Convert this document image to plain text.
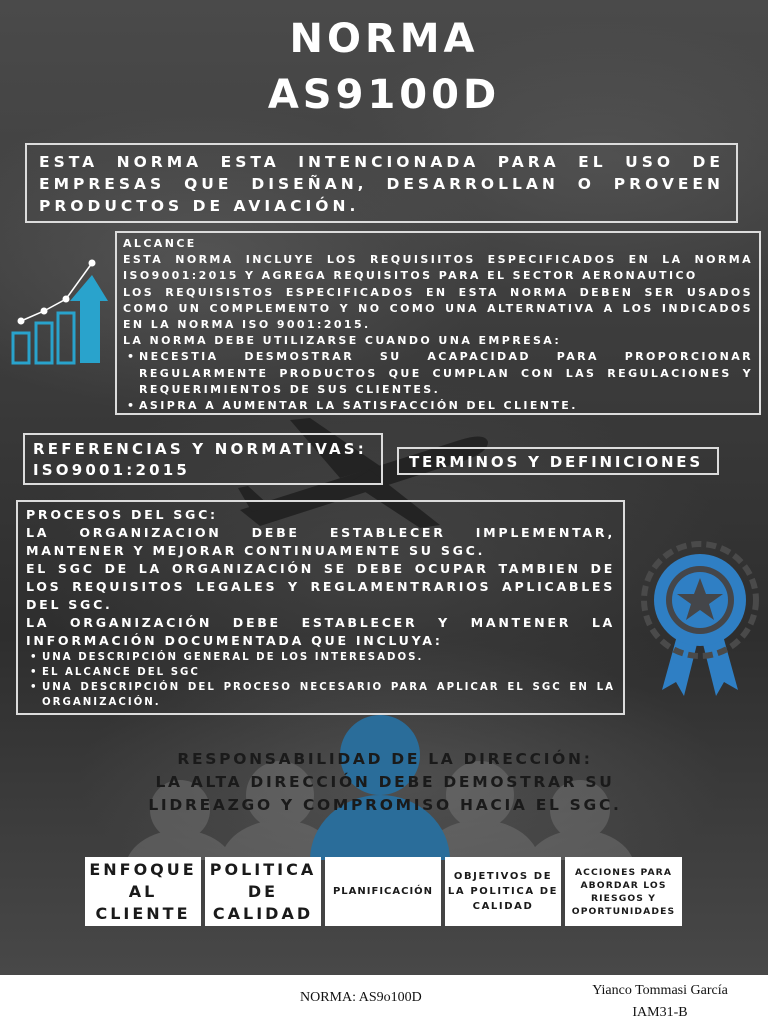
NORMA
AS9100D
ESTA NORMA ESTA INTENCIONADA PARA EL USO DE EMPRESAS QUE DISEÑAN, DESARROLLAN O PROVEEN PRODUCTOS DE AVIACIÓN.

ALCANCE

ESTA NORMA INCLUYE LOS REQUISIITOS ESPECIFICADOS EN LA NORMA ISO9001:2015 Y AGREGA REQUISITOS PARA EL SECTOR AERONAUTICO

LOS REQUISISTOS ESPECIFICADOS EN ESTA NORMA DEBEN SER USADOS COMO UN COMPLEMENTO Y NO COMO UNA ALTERNATIVA A LOS INDICADOS EN LA NORMA ISO 9001:2015.

LA NORMA DEBE UTILIZARSE CUANDO UNA EMPRESA:

• NECESTIA DESMOSTRAR SU ACAPACIDAD PARA PROPORCIONAR REGULARMENTE PRODUCTOS QUE CUMPLAN CON LAS REGULACIONES Y REQUERIMIENTOS DE SUS CLIENTES.
• ASIPRA A AUMENTAR LA SATISFACCIÓN DEL CLIENTE.
REFERENCIAS Y NORMATIVAS:
ISO9001:2015	TERMINOS Y DEFINICIONES

PROCESOS DEL SGC:

LA ORGANIZACION DEBE ESTABLECER IMPLEMENTAR, MANTENER Y MEJORAR CONTINUAMENTE SU SGC.

EL SGC DE LA ORGANIZACIÓN SE DEBE OCUPAR TAMBIEN DE LOS REQUISITOS LEGALES Y REGLAMENTRARIOS APLICABLES DEL SGC.

LA ORGANIZACIÓN DEBE ESTABLECER Y MANTENER LA INFORMACIÓN DOCUMENTADA QUE INCLUYA:

• UNA DESCRIPCIÓN GENERAL DE LOS INTERESADOS.
• EL ALCANCE DEL SGC
• UNA DESCRIPCIÓN DEL PROCESO NECESARIO PARA APLICAR EL SGC EN LA ORGANIZACIÓN.
RESPONSABILIDAD DE LA DIRECCIÓN:
LA ALTA DIRECCIÓN DEBE DEMOSTRAR SU
LIDREAZGO Y COMPROMISO HACIA EL SGC.
ENFOQUE AL CLIENTE
POLITICA DE CALIDAD
PLANIFICACIÓN
OBJETIVOS DE LA POLITICA DE CALIDAD
ACCIONES PARA ABORDAR LOS RIESGOS Y OPORTUNIDADES
NORMA: AS9o100D	Yianco Tommasi García
IAM31-B
